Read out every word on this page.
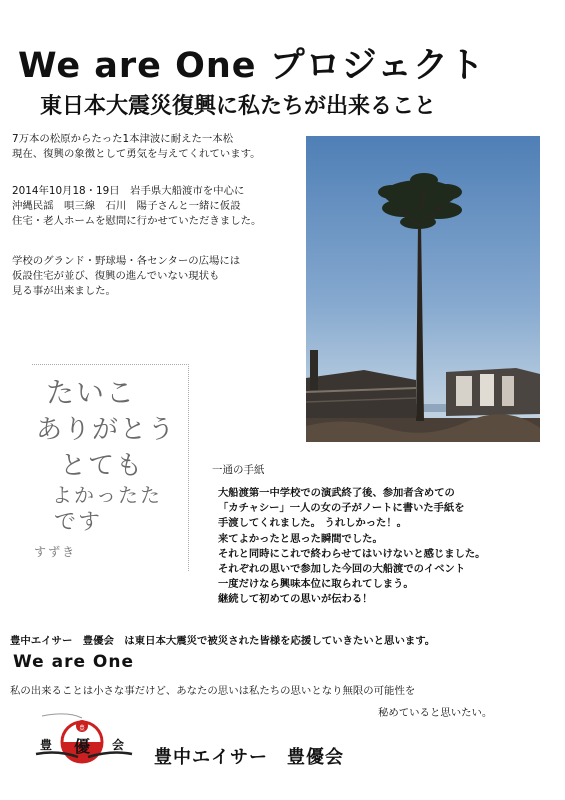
We are One プロジェクト
東日本大震災復興に私たちが出来ること
7万本の松原からたった1本津波に耐えた一本松
現在、復興の象徴として勇気を与えてくれています。
2014年10月18・19日　岩手県大船渡市を中心に
沖縄民謡　唄三線　石川　陽子さんと一緒に仮設
住宅・老人ホームを慰問に行かせていただきました。
学校のグランド・野球場・各センターの広場には
仮設住宅が並び、復興の進んでいない現状も
見る事が出来ました。
たいこ
ありがとう
とても
よかったた
です
すずき
一通の手紙
大船渡第一中学校での演武終了後、参加者含めての
「カチャシー」一人の女の子がノートに書いた手紙を
手渡してくれました。 うれしかった！。
来てよかったと思った瞬間でした。
それと同時にこれで終わらせてはいけないと感じました。
それぞれの思いで参加した今回の大船渡でのイベント
一度だけなら興味本位に取られてしまう。
継続して初めての思いが伝わる！
豊中エイサー　豊優会　は東日本大震災で被災された皆様を応援していきたいと思います。
We are One
私の出来ることは小さな事だけど、あなたの思いは私たちの思いとなり無限の可能性を
秘めていると思いたい。
豊
豊 優 会
豊中エイサー　豊優会
